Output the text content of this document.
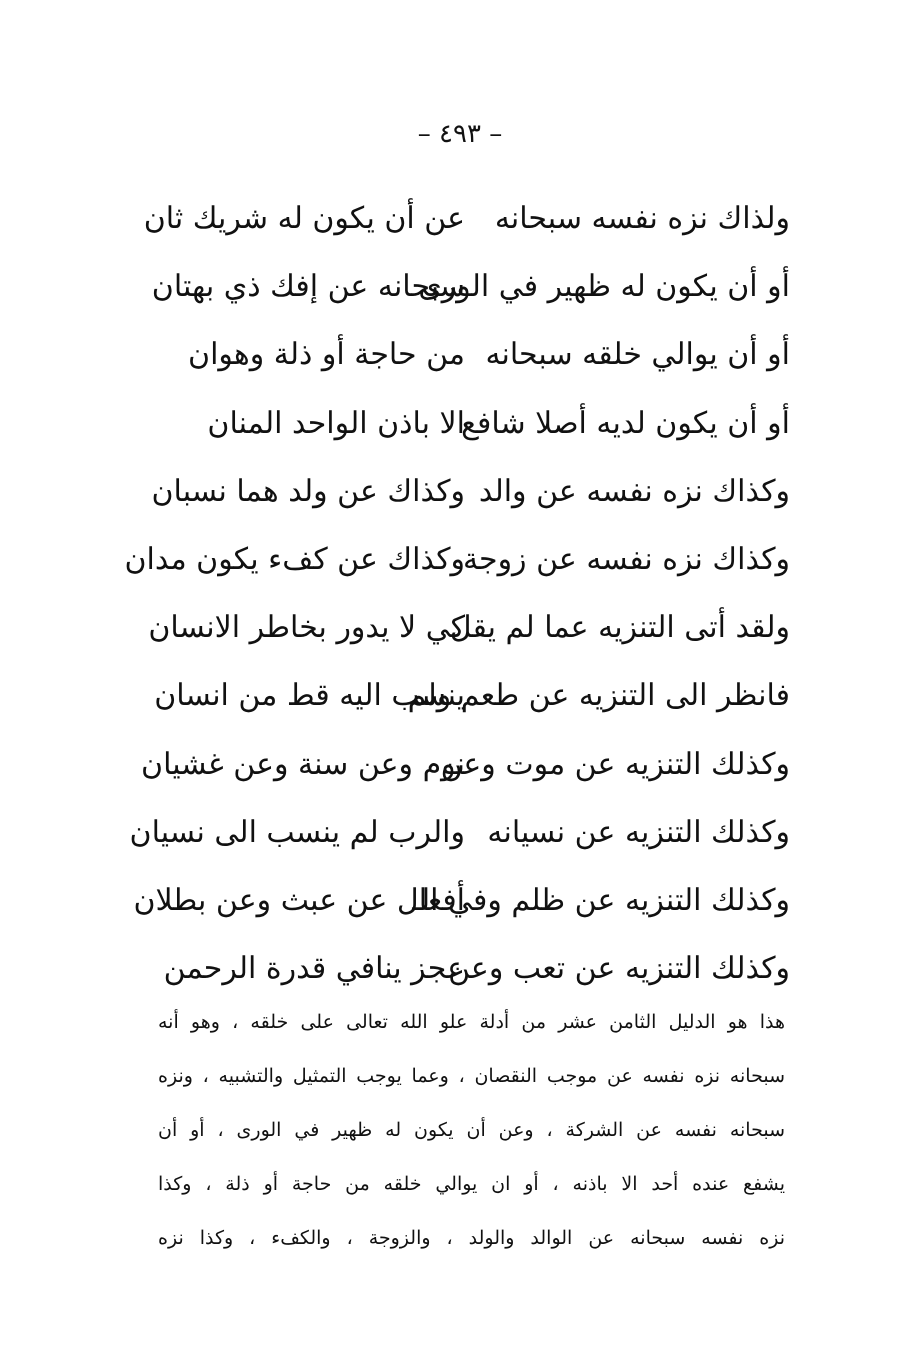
– ٤٩٣ –
ولذاك نزه نفسه سبحانه
عن أن يكون له شريك ثان
أو أن يكون له ظهير في الورى
سبحانه عن إفك ذي بهتان
أو أن يوالي خلقه سبحانه
من حاجة أو ذلة وهوان
أو أن يكون لديه أصلا شافع
الا باذن الواحد المنان
وكذاك نزه نفسه عن والد
وكذاك عن ولد هما نسبان
وكذاك نزه نفسه عن زوجة
وكذاك عن كفء يكون مدان
ولقد أتى التنزيه عما لم يقل
كي لا يدور بخاطر الانسان
فانظر الى التنزيه عن طعم ولم
ينسب اليه قط من انسان
وكذلك التنزيه عن موت وعن
نوم وعن سنة وعن غشيان
وكذلك التنزيه عن نسيانه
والرب لم ينسب الى نسيان
وكذلك التنزيه عن ظلم وفي الـ
أفعال عن عبث وعن بطلان
وكذلك التنزيه عن تعب وعن
عجز ينافي قدرة الرحمن
هذا هو الدليل الثامن عشر من أدلة علو الله تعالى على خلقه ، وهو أنه
سبحانه نزه نفسه عن موجب النقصان ، وعما يوجب التمثيل والتشبيه ، ونزه
سبحانه نفسه عن الشركة ، وعن أن يكون له ظهير في الورى ، أو أن
يشفع عنده أحد الا باذنه ، أو ان يوالي خلقه من حاجة أو ذلة ، وكذا
نزه نفسه سبحانه عن الوالد والولد ، والزوجة ، والكفء ، وكذا نزه
